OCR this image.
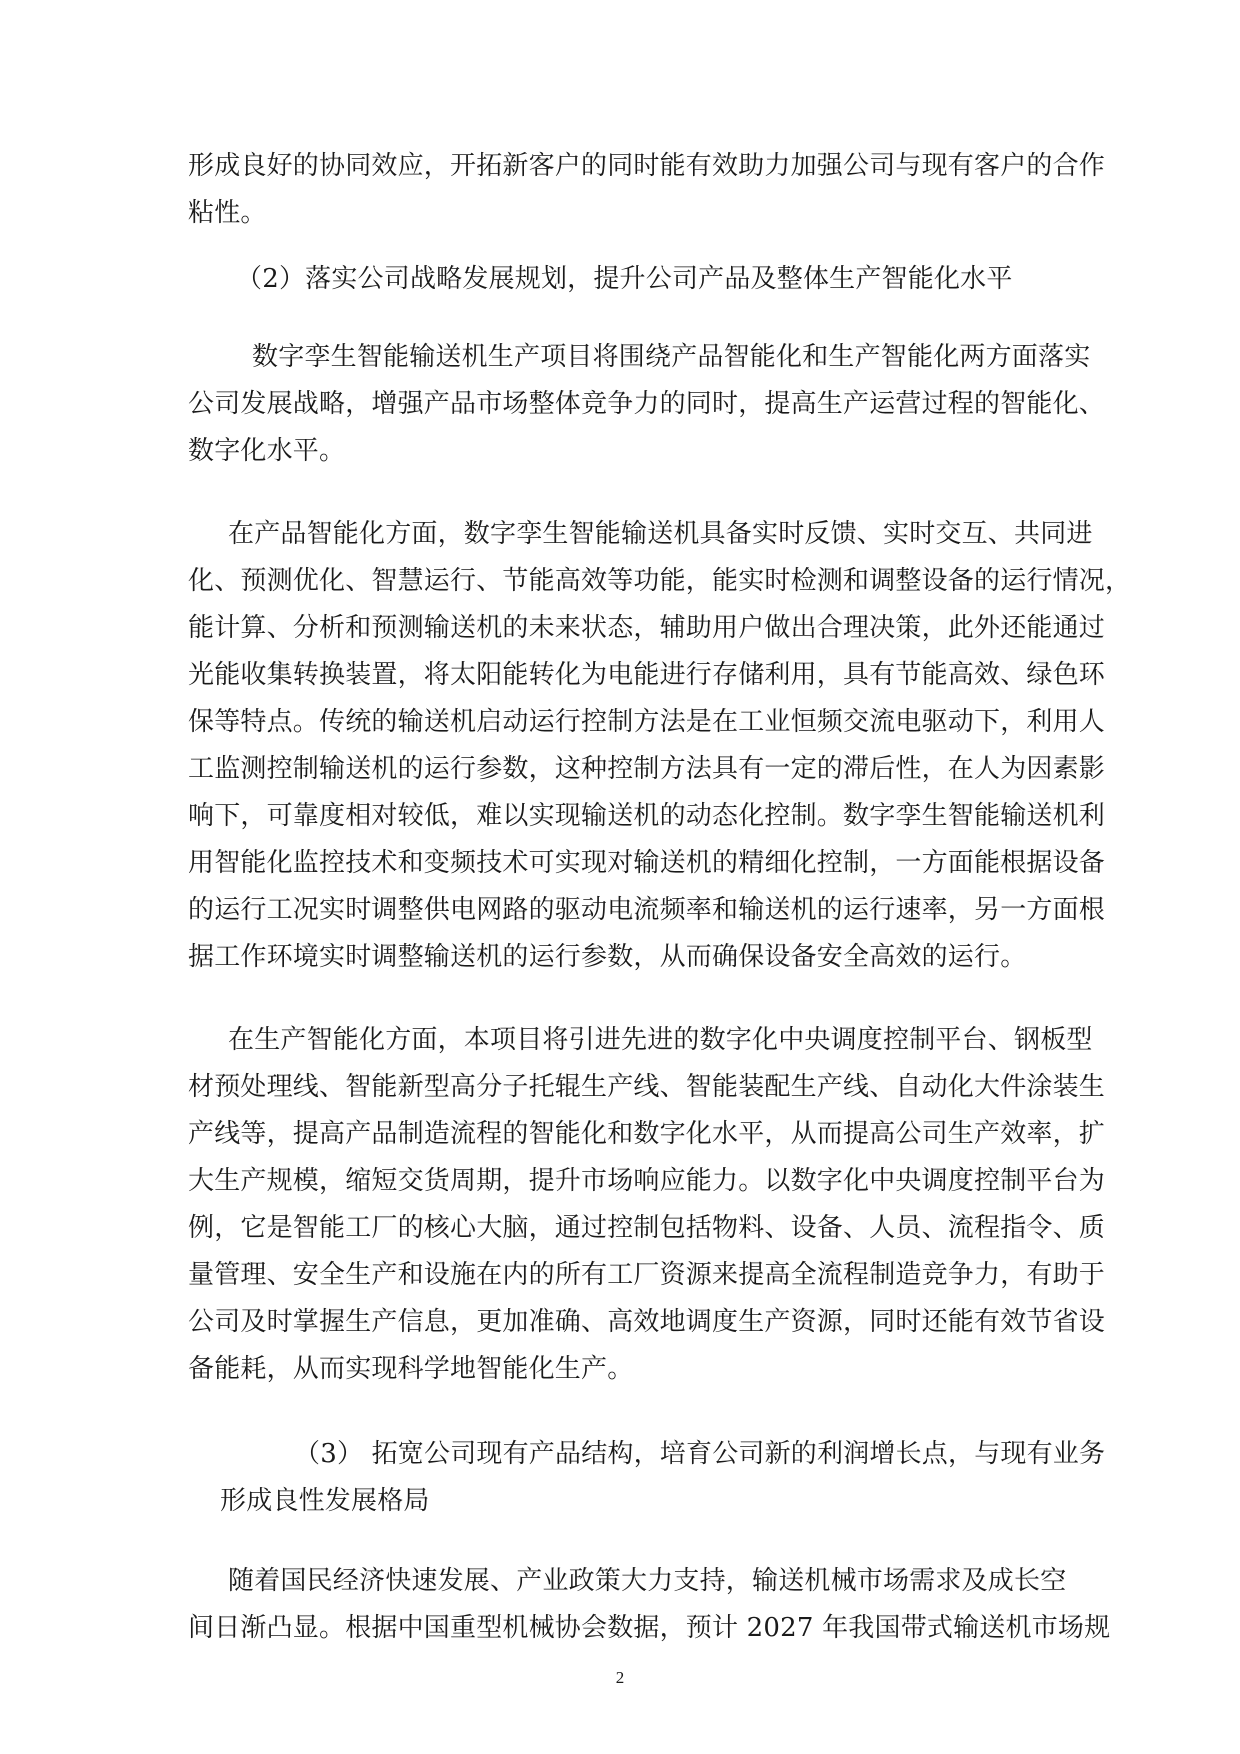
形成良好的协同效应，开拓新客户的同时能有效助力加强公司与现有客户的合作
粘性。
（2）落实公司战略发展规划，提升公司产品及整体生产智能化水平
数字孪生智能输送机生产项目将围绕产品智能化和生产智能化两方面落实
公司发展战略，增强产品市场整体竞争力的同时，提高生产运营过程的智能化、
数字化水平。
在产品智能化方面，数字孪生智能输送机具备实时反馈、实时交互、共同进
化、预测优化、智慧运行、节能高效等功能，能实时检测和调整设备的运行情况，
能计算、分析和预测输送机的未来状态，辅助用户做出合理决策，此外还能通过
光能收集转换装置，将太阳能转化为电能进行存储利用，具有节能高效、绿色环
保等特点。传统的输送机启动运行控制方法是在工业恒频交流电驱动下，利用人
工监测控制输送机的运行参数，这种控制方法具有一定的滞后性，在人为因素影
响下，可靠度相对较低，难以实现输送机的动态化控制。数字孪生智能输送机利
用智能化监控技术和变频技术可实现对输送机的精细化控制，一方面能根据设备
的运行工况实时调整供电网路的驱动电流频率和输送机的运行速率，另一方面根
据工作环境实时调整输送机的运行参数，从而确保设备安全高效的运行。
在生产智能化方面，本项目将引进先进的数字化中央调度控制平台、钢板型
材预处理线、智能新型高分子托辊生产线、智能装配生产线、自动化大件涂装生
产线等，提高产品制造流程的智能化和数字化水平，从而提高公司生产效率，扩
大生产规模，缩短交货周期，提升市场响应能力。以数字化中央调度控制平台为
例，它是智能工厂的核心大脑，通过控制包括物料、设备、人员、流程指令、质
量管理、安全生产和设施在内的所有工厂资源来提高全流程制造竞争力，有助于
公司及时掌握生产信息，更加准确、高效地调度生产资源，同时还能有效节省设
备能耗，从而实现科学地智能化生产。
（3） 拓宽公司现有产品结构，培育公司新的利润增长点，与现有业务
形成良性发展格局
随着国民经济快速发展、产业政策大力支持，输送机械市场需求及成长空
间日渐凸显。根据中国重型机械协会数据，预计 2027 年我国带式输送机市场规
2
